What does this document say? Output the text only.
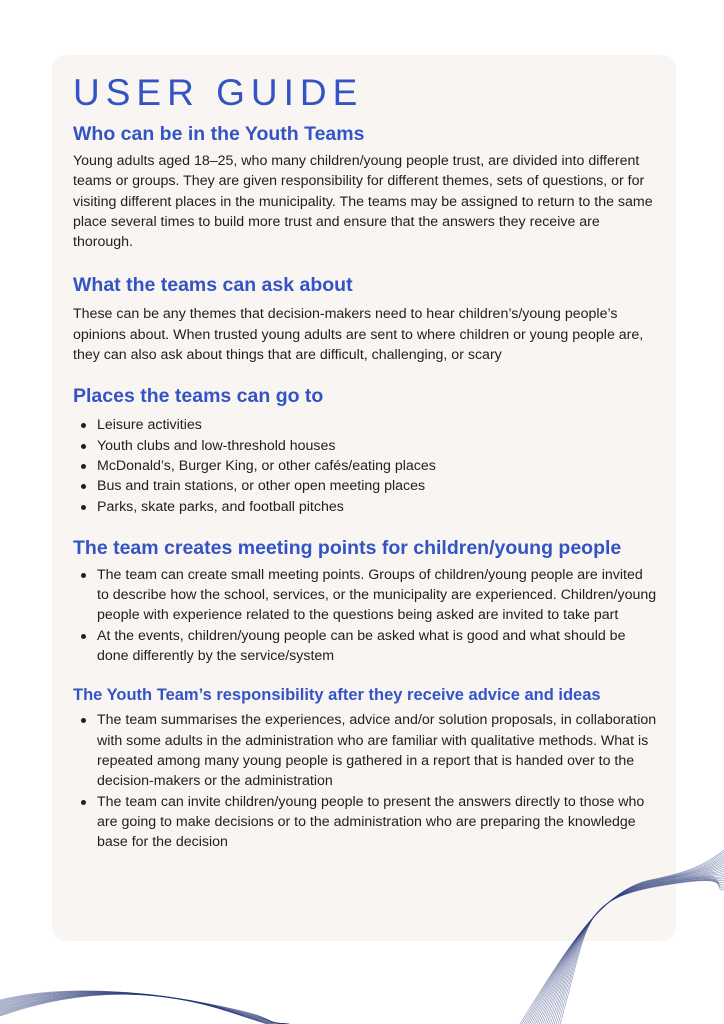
USER GUIDE
Who can be in the Youth Teams

Young adults aged 18–25, who many children/young people trust, are divided into different teams or groups. They are given responsibility for different themes, sets of questions, or for visiting different places in the municipality. The teams may be assigned to return to the same place several times to build more trust and ensure that the answers they receive are thorough.

What the teams can ask about

These can be any themes that decision-makers need to hear children’s/young people’s opinions about. When trusted young adults are sent to where children or young people are, they can also ask about things that are difficult, challenging, or scary

Places the teams can go to
Leisure activities
Youth clubs and low-threshold houses
McDonald’s, Burger King, or other cafés/eating places
Bus and train stations, or other open meeting places
Parks, skate parks, and football pitches
The team creates meeting points for children/young people
The team can create small meeting points. Groups of children/young people are invited to describe how the school, services, or the municipality are experienced. Children/young people with experience related to the questions being asked are invited to take part
At the events, children/young people can be asked what is good and what should be done differently by the service/system
The Youth Team’s responsibility after they receive advice and ideas
The team summarises the experiences, advice and/or solution proposals, in collaboration with some adults in the administration who are familiar with qualitative methods. What is repeated among many young people is gathered in a report that is handed over to the decision-makers or the administration
The team can invite children/young people to present the answers directly to those who are going to make decisions or to the administration who are preparing the knowledge base for the decision
